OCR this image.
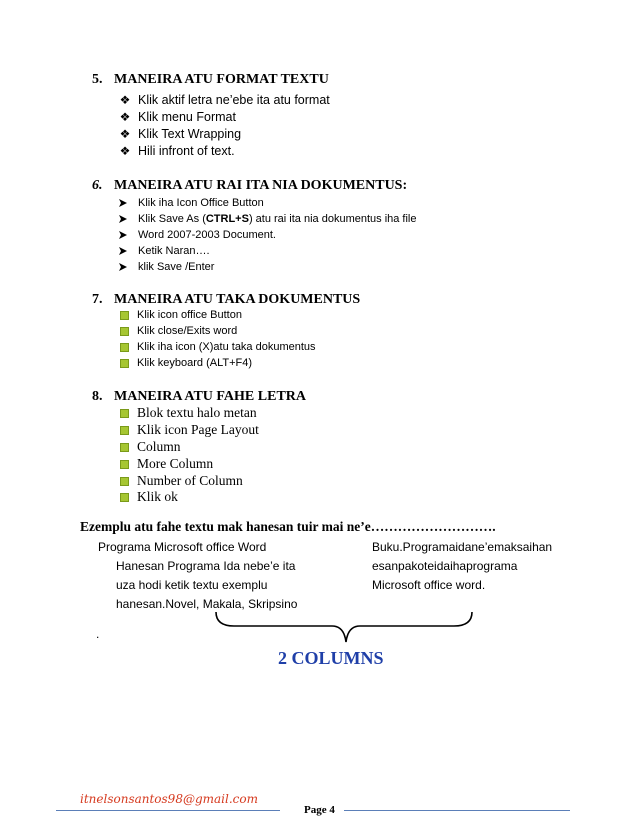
5. MANEIRA ATU FORMAT TEXTU
❖ Klik aktif letra ne’ebe ita atu format
❖ Klik menu Format
❖ Klik Text Wrapping
❖ Hili infront of text.
6. MANEIRA ATU RAI ITA NIA DOKUMENTUS:
Klik iha Icon Office Button
Klik Save As ( CTRL+S ) atu rai ita nia dokumentus iha file
Word 2007-2003 Document.
Ketik Naran….
klik Save /Enter
7. MANEIRA ATU TAKA DOKUMENTUS
Klik icon office Button
Klik close/Exits word
Klik iha icon (X)atu taka dokumentus
Klik keyboard (ALT+F4)
8. MANEIRA ATU FAHE LETRA
Blok textu halo metan
Klik icon Page Layout
Column
More Column
Number of Column
Klik ok
Ezemplu atu fahe textu mak hanesan tuir mai ne’e……………………….
Programa Microsoft office Word
Hanesan Programa Ida nebe’e ita
uza hodi ketik textu exemplu
hanesan.Novel, Makala, Skripsino
Buku.Programaidane’emaksaihan
esanpakoteidaihaprograma
Microsoft office word.
.
2 COLUMNS
itnelsonsantos98@gmail.com
Page 4
